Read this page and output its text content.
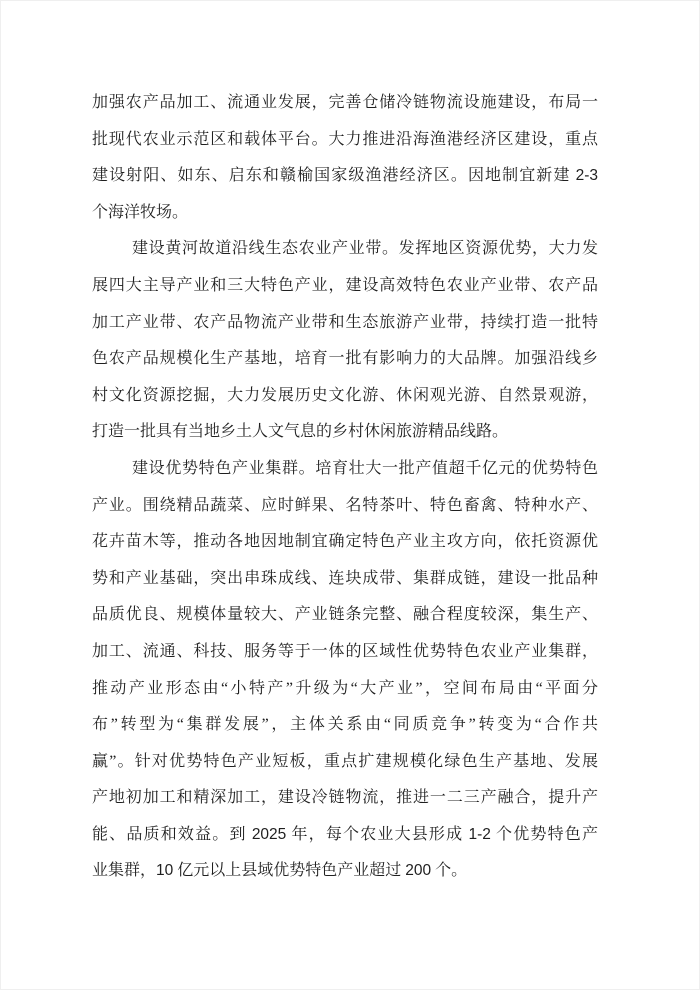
加强农产品加工、流通业发展，完善仓储冷链物流设施建设，布局一
批现代农业示范区和载体平台。大力推进沿海渔港经济区建设，重点
建设射阳、如东、启东和赣榆国家级渔港经济区。因地制宜新建 2-3
个海洋牧场。
建设黄河故道沿线生态农业产业带。发挥地区资源优势，大力发
展四大主导产业和三大特色产业，建设高效特色农业产业带、农产品
加工产业带、农产品物流产业带和生态旅游产业带，持续打造一批特
色农产品规模化生产基地，培育一批有影响力的大品牌。加强沿线乡
村文化资源挖掘，大力发展历史文化游、休闲观光游、自然景观游，
打造一批具有当地乡土人文气息的乡村休闲旅游精品线路。
建设优势特色产业集群。培育壮大一批产值超千亿元的优势特色
产业。围绕精品蔬菜、应时鲜果、名特茶叶、特色畜禽、特种水产、
花卉苗木等，推动各地因地制宜确定特色产业主攻方向，依托资源优
势和产业基础，突出串珠成线、连块成带、集群成链，建设一批品种
品质优良、规模体量较大、产业链条完整、融合程度较深，集生产、
加工、流通、科技、服务等于一体的区域性优势特色农业产业集群，
推动产业形态由“小特产”升级为“大产业”，空间布局由“平面分
布”转型为“集群发展”，主体关系由“同质竞争”转变为“合作共
赢”。针对优势特色产业短板，重点扩建规模化绿色生产基地、发展
产地初加工和精深加工，建设冷链物流，推进一二三产融合，提升产
能、品质和效益。到 2025 年，每个农业大县形成 1-2 个优势特色产
业集群，10 亿元以上县域优势特色产业超过 200 个。
